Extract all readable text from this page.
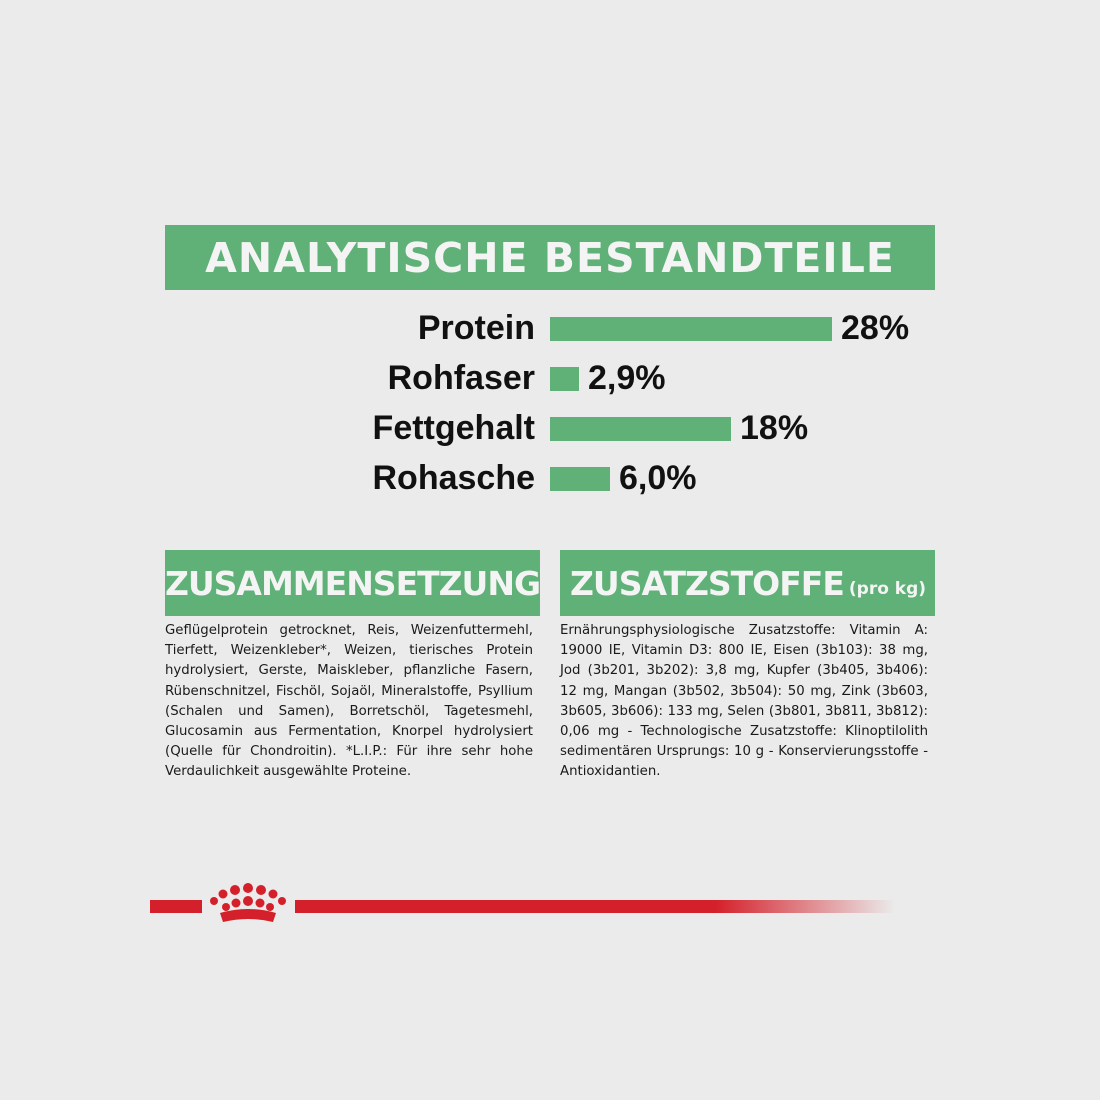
ANALYTISCHE BESTANDTEILE
Protein	28%
Rohfaser 2,9%
Fettgehalt	18%
Rohasche 6,0%
ZUSAMMENSETZUNG ZUSATZSTOFFE (pro kg)
Geflügelprotein getrocknet, Reis, Weizenfuttermehl, Tierfett, Weizenkleber*, Weizen, tierisches Protein hydrolysiert, Gerste, Maiskleber, pflanzliche Fasern, Rübenschnitzel, Fischöl, Sojaöl, Mineralstoffe, Psyllium (Schalen und Samen), Borretschöl, Tagetesmehl, Glucosamin aus Fermentation, Knorpel hydrolysiert (Quelle für Chondroitin). *L.I.P.: Für ihre sehr hohe Verdaulichkeit ausgewählte Proteine.
Ernährungsphysiologische Zusatzstoffe: Vitamin A: 19000 IE, Vitamin D3: 800 IE, Eisen (3b103): 38 mg, Jod (3b201, 3b202): 3,8 mg, Kupfer (3b405, 3b406): 12 mg, Mangan (3b502, 3b504): 50 mg, Zink (3b603, 3b605, 3b606): 133 mg, Selen (3b801, 3b811, 3b812): 0,06 mg - Technologische Zusatzstoffe: Klinoptilolith sedimentären Ursprungs: 10 g - Konservierungsstoffe - Antioxidantien.
